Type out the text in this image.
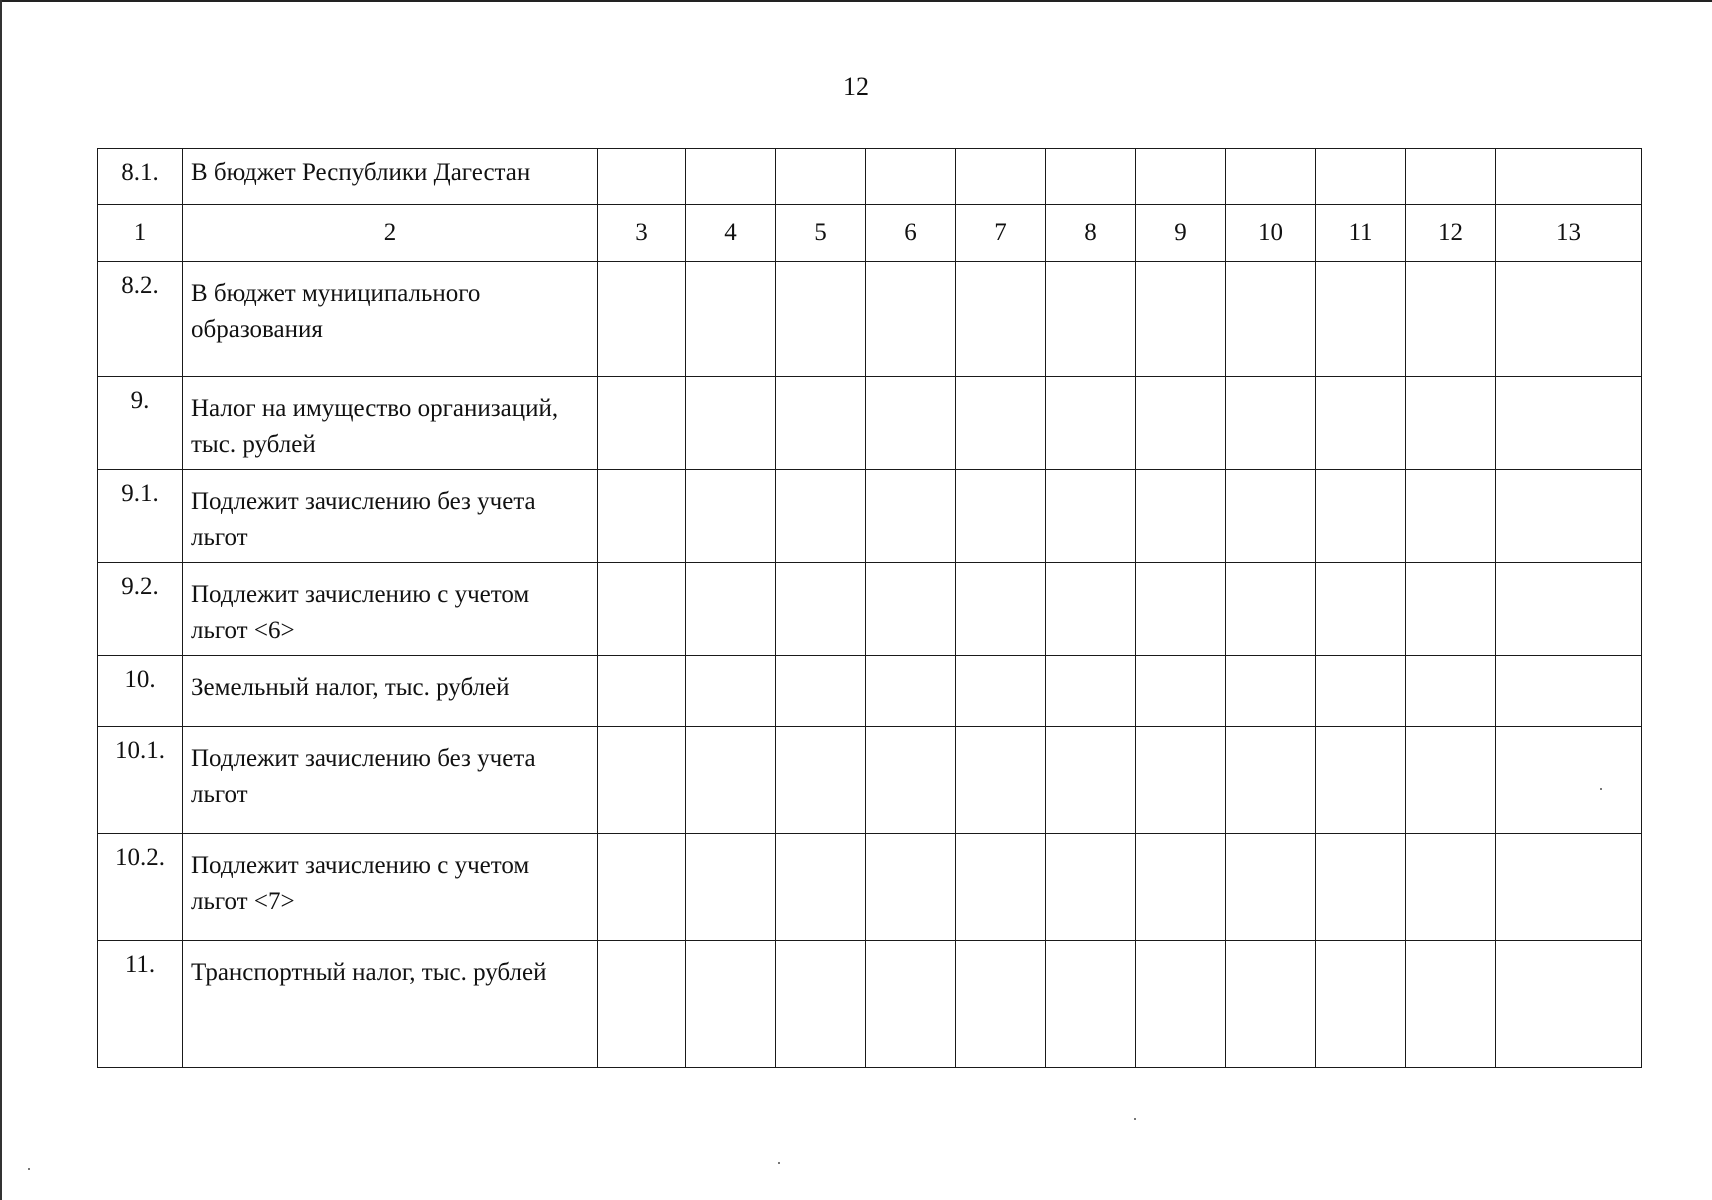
12
8.1.	В бюджет Республики Дагестан											
1	2	3	4	5	6	7	8	9	10	11	12	13
8.2.	В бюджет муниципального образования											
9.	Налог на имущество организаций, тыс. рублей											
9.1.	Подлежит зачислению без учета льгот											
9.2.	Подлежит зачислению с учетом льгот <6>											
10.	Земельный налог, тыс. рублей											
10.1.	Подлежит зачислению без учета льгот											
10.2.	Подлежит зачислению с учетом льгот <7>											
11.	Транспортный налог, тыс. рублей											
